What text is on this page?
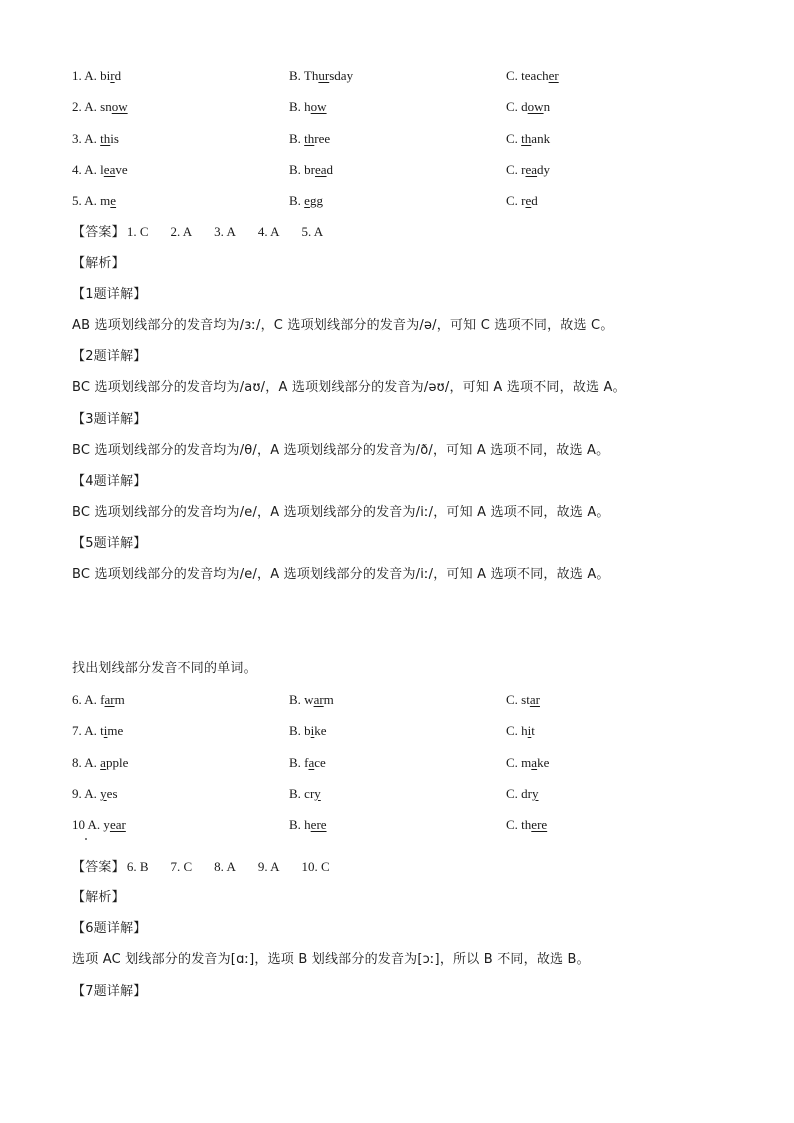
1. A. bird	B. Thursday	C. teacher
2. A. snow	B. how	C. down
3. A. this	B. three	C. thank
4. A. leave	B. bread	C. ready
5. A. me	B. egg	C. red
【答案】 1. C 2. A 3. A 4. A 5. A
【解析】
【1题详解】
AB 选项划线部分的发音均为/ɜː/，C 选项划线部分的发音为/ə/，可知 C 选项不同，故选 C。
【2题详解】
BC 选项划线部分的发音均为/aʊ/，A 选项划线部分的发音为/əʊ/，可知 A 选项不同，故选 A。
【3题详解】
BC 选项划线部分的发音均为/θ/，A 选项划线部分的发音为/ð/，可知 A 选项不同，故选 A。
【4题详解】
BC 选项划线部分的发音均为/e/，A 选项划线部分的发音为/iː/，可知 A 选项不同，故选 A。
【5题详解】
BC 选项划线部分的发音均为/e/，A 选项划线部分的发音为/iː/，可知 A 选项不同，故选 A。
找出划线部分发音不同的单词。
6. A. farm	B. warm	C. star
7. A. time	B. bike	C. hit
8. A. apple	B. face	C. make
9. A. yes	B. cry	C. dry
10 A. year	B. here	C. there
【答案】 6. B 7. C 8. A 9. A 10. C
【解析】
【6题详解】
选项 AC 划线部分的发音为[ɑː]，选项 B 划线部分的发音为[ɔː]，所以 B 不同，故选 B。
【7题详解】
